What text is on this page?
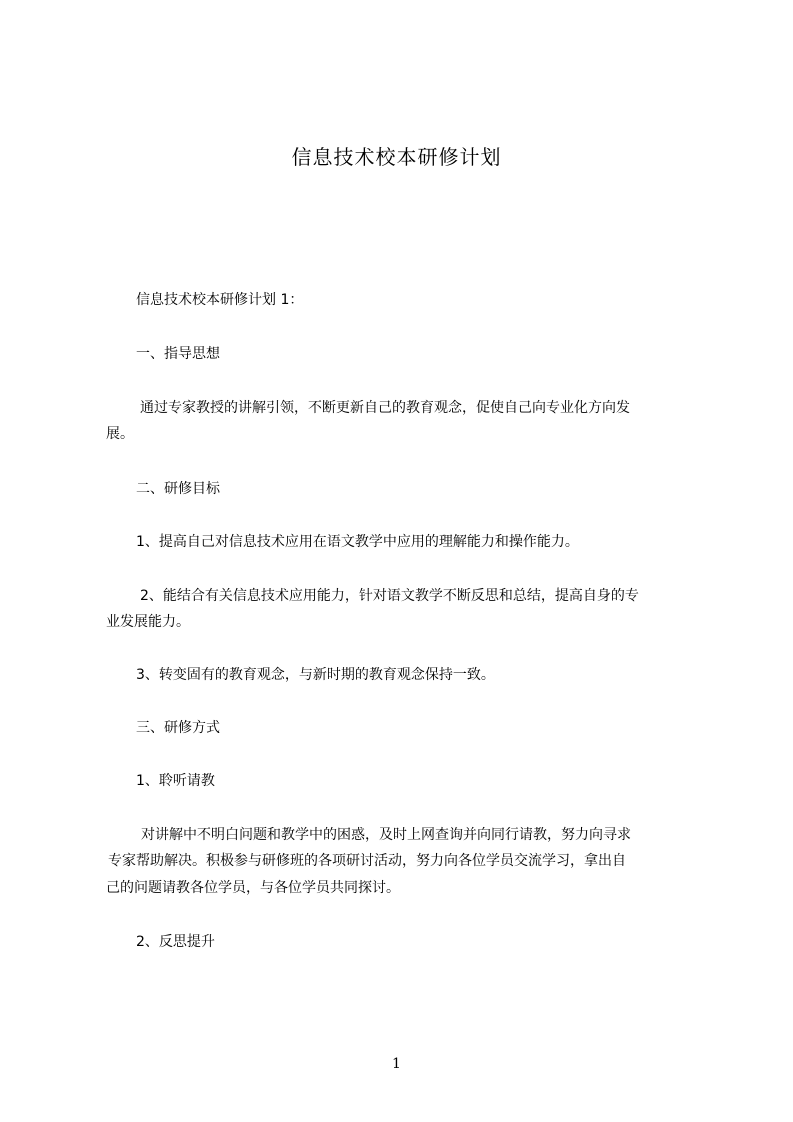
信息技术校本研修计划
信息技术校本研修计划 1：
一、指导思想
通过专家教授的讲解引领，不断更新自己的教育观念，促使自己向专业化方向发
展。
二、研修目标
1、提高自己对信息技术应用在语文教学中应用的理解能力和操作能力。
2、能结合有关信息技术应用能力，针对语文教学不断反思和总结，提高自身的专
业发展能力。
3、转变固有的教育观念，与新时期的教育观念保持一致。
三、研修方式
1、聆听请教
对讲解中不明白问题和教学中的困惑，及时上网查询并向同行请教，努力向寻求
专家帮助解决。积极参与研修班的各项研讨活动，努力向各位学员交流学习，拿出自
己的问题请教各位学员，与各位学员共同探讨。
2、反思提升
1
